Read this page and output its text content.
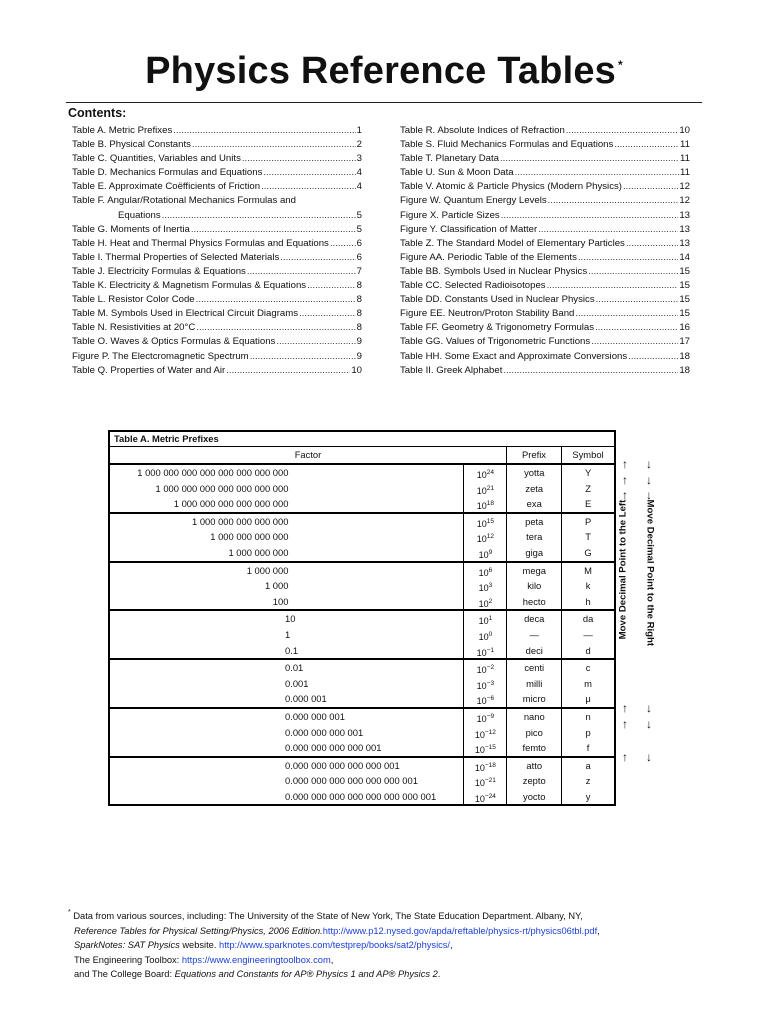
Physics Reference Tables *
Contents:
Table A. Metric Prefixes .....	1
Table B. Physical Constants .....	2
Table C. Quantities, Variables and Units .....	3
Table D. Mechanics Formulas and Equations .....	4
Table E. Approximate Coëfficients of Friction .....	4
Table F. Angular/Rotational Mechanics Formulas and
Equations .....	5
Table G. Moments of Inertia .....	5
Table H. Heat and Thermal Physics Formulas and Equations .....	6
Table I. Thermal Properties of Selected Materials .....	6
Table J. Electricity Formulas & Equations .....	7
Table K. Electricity & Magnetism Formulas & Equations .....	8
Table L. Resistor Color Code .....	8
Table M. Symbols Used in Electrical Circuit Diagrams .....	8
Table N. Resistivities at 20°C .....	8
Table O. Waves & Optics Formulas & Equations .....	9
Figure P. The Electcromagnetic Spectrum .....	9
Table Q. Properties of Water and Air .....	10
Table R. Absolute Indices of Refraction .....	10
Table S. Fluid Mechanics Formulas and Equations .....	11
Table T. Planetary Data .....	11
Table U. Sun & Moon Data .....	11
Table V. Atomic & Particle Physics (Modern Physics) .....	12
Figure W. Quantum Energy Levels .....	12
Figure X. Particle Sizes .....	13
Figure Y. Classification of Matter .....	13
Table Z. The Standard Model of Elementary Particles .....	13
Figure AA. Periodic Table of the Elements .....	14
Table BB. Symbols Used in Nuclear Physics .....	15
Table CC. Selected Radioisotopes .....	15
Table DD. Constants Used in Nuclear Physics .....	15
Figure EE. Neutron/Proton Stability Band .....	15
Table FF. Geometry & Trigonometry Formulas .....	16
Table GG. Values of Trigonometric Functions .....	17
Table HH. Some Exact and Approximate Conversions .....	18
Table II. Greek Alphabet .....	18
Table A. Metric Prefixes
Factor	Prefix	Symbol
1 000 000 000 000 000 000 000 000	$10^{24}$	yotta	Y
1 000 000 000 000 000 000 000	$10^{21}$	zeta	Z
1 000 000 000 000 000 000	$10^{18}$	exa	E
1 000 000 000 000 000	$10^{15}$	peta	P
1 000 000 000 000	$10^{12}$	tera	T
1 000 000 000	$10^9$	giga	G
1 000 000	$10^6$	mega	M
1 000	$10^3$	kilo	k
100	$10^2$	hecto	h
10	$10^1$	deca	da
1	$10^0$	—	—
0.1	$10^{-1}$	deci	d
0.01	$10^{-2}$	centi	c
0.001	$10^{-3}$	milli	m
0.000 001	$10^{-6}$	micro	μ
0.000 000 001	$10^{-9}$	nano	n
0.000 000 000 001	$10^{-12}$	pico	p
0.000 000 000 000 001	$10^{-15}$	femto	f
0.000 000 000 000 000 001	$10^{-18}$	atto	a
0.000 000 000 000 000 000 001	$10^{-21}$	zepto	z
0.000 000 000 000 000 000 000 001	$10^{-24}$	yocto	y
Move Decimal Point to the Left Move Decimal Point to the Right
↑	↓
↑	↓
↑	↓
↑	↓
↑	↓
↑	↓
* Data from various sources, including: The University of the State of New York, The State Education Department. Albany, NY,
Reference Tables for Physical Setting/Physics, 2006 Edition.http://www.p12.nysed.gov/apda/reftable/physics-rt/physics06tbl.pdf,
SparkNotes: SAT Physics website. http://www.sparknotes.com/testprep/books/sat2/physics/,
The Engineering Toolbox: https://www.engineeringtoolbox.com,
and The College Board: Equations and Constants for AP® Physics 1 and AP® Physics 2.
